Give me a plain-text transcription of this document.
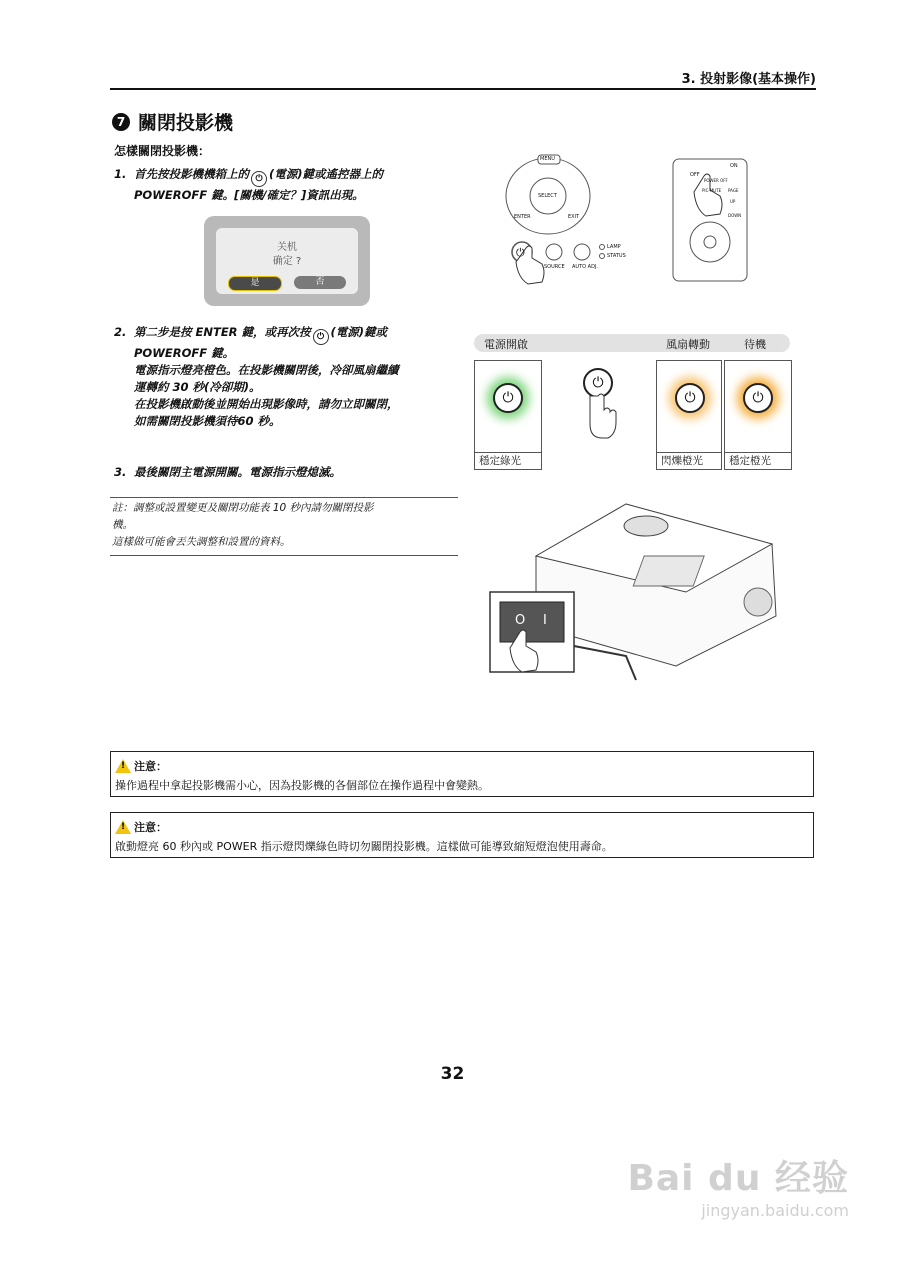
3. 投射影像(基本操作)
7 關閉投影機
怎樣關閉投影機：
1. 首先按投影機機箱上的 ⏻ (電源)鍵或遙控器上的
POWEROFF 鍵。[關機/確定？]資訊出現。
关机
确定 ?
是	否
2. 第二步是按 ENTER 鍵，或再次按 ⏻ (電源)鍵或
POWEROFF 鍵。
電源指示燈亮橙色。在投影機關閉後，冷卻風扇繼續
運轉約 30 秒(冷卻期)。
在投影機啟動後並開始出現影像時，請勿立即關閉，
如需關閉投影機須待60 秒。
3. 最後關閉主電源開關。電源指示燈熄滅。
註：調整或設置變更及關閉功能表 10 秒內請勿關閉投影
機。
這樣做可能會丟失調整和設置的資料。
MENU
SELECT
ENTER	EXIT
⏻
SOURCE AUTO ADJ.
LAMP
STATUS
OFF
ON
POWER OFF
PIC-MUTE PAGE
UP
DOWN
電源開啟	風扇轉動	待機
⏻
穩定綠光
⏻
⏻
閃爍橙光
⏻
穩定橙光
O I
!
注意：
操作過程中拿起投影機需小心，因為投影機的各個部位在操作過程中會變熱。
!
注意：
啟動燈亮 60 秒內或 POWER 指示燈閃爍綠色時切勿關閉投影機。這樣做可能導致縮短燈泡使用壽命。
32
Bai du 经验
jingyan.baidu.com
